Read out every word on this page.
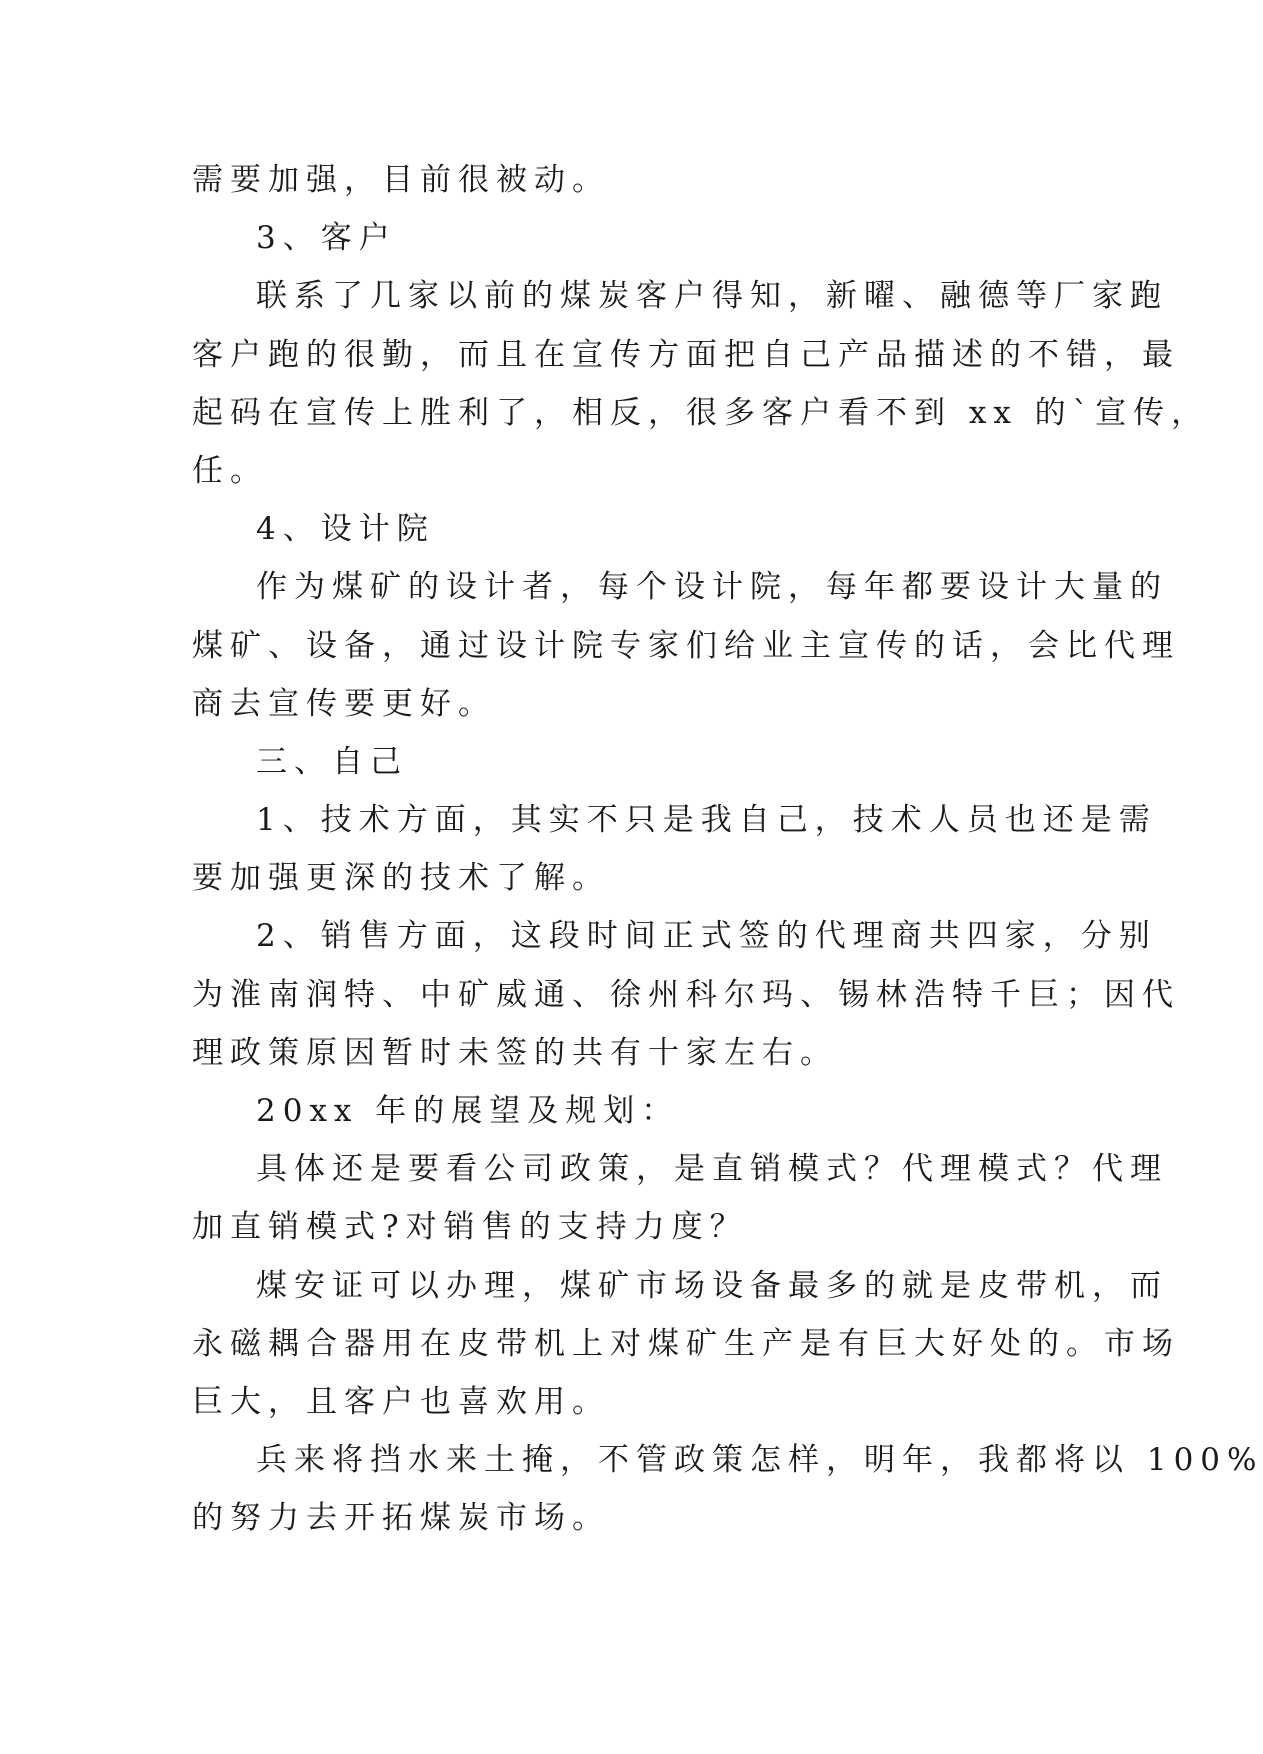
需要加强，目前很被动。
3、客户
联系了几家以前的煤炭客户得知，新曜、融德等厂家跑
客户跑的很勤，而且在宣传方面把自己产品描述的不错，最
起码在宣传上胜利了，相反，很多客户看不到 xx 的`宣传，
任。
4、设计院
作为煤矿的设计者，每个设计院，每年都要设计大量的
煤矿、设备，通过设计院专家们给业主宣传的话，会比代理
商去宣传要更好。
三、自己
1、技术方面，其实不只是我自己，技术人员也还是需
要加强更深的技术了解。
2、销售方面，这段时间正式签的代理商共四家，分别
为淮南润特、中矿威通、徐州科尔玛、锡林浩特千巨；因代
理政策原因暂时未签的共有十家左右。
20xx 年的展望及规划：
具体还是要看公司政策，是直销模式？代理模式？代理
加直销模式?对销售的支持力度？
煤安证可以办理，煤矿市场设备最多的就是皮带机，而
永磁耦合器用在皮带机上对煤矿生产是有巨大好处的。市场
巨大，且客户也喜欢用。
兵来将挡水来土掩，不管政策怎样，明年，我都将以 100%
的努力去开拓煤炭市场。
